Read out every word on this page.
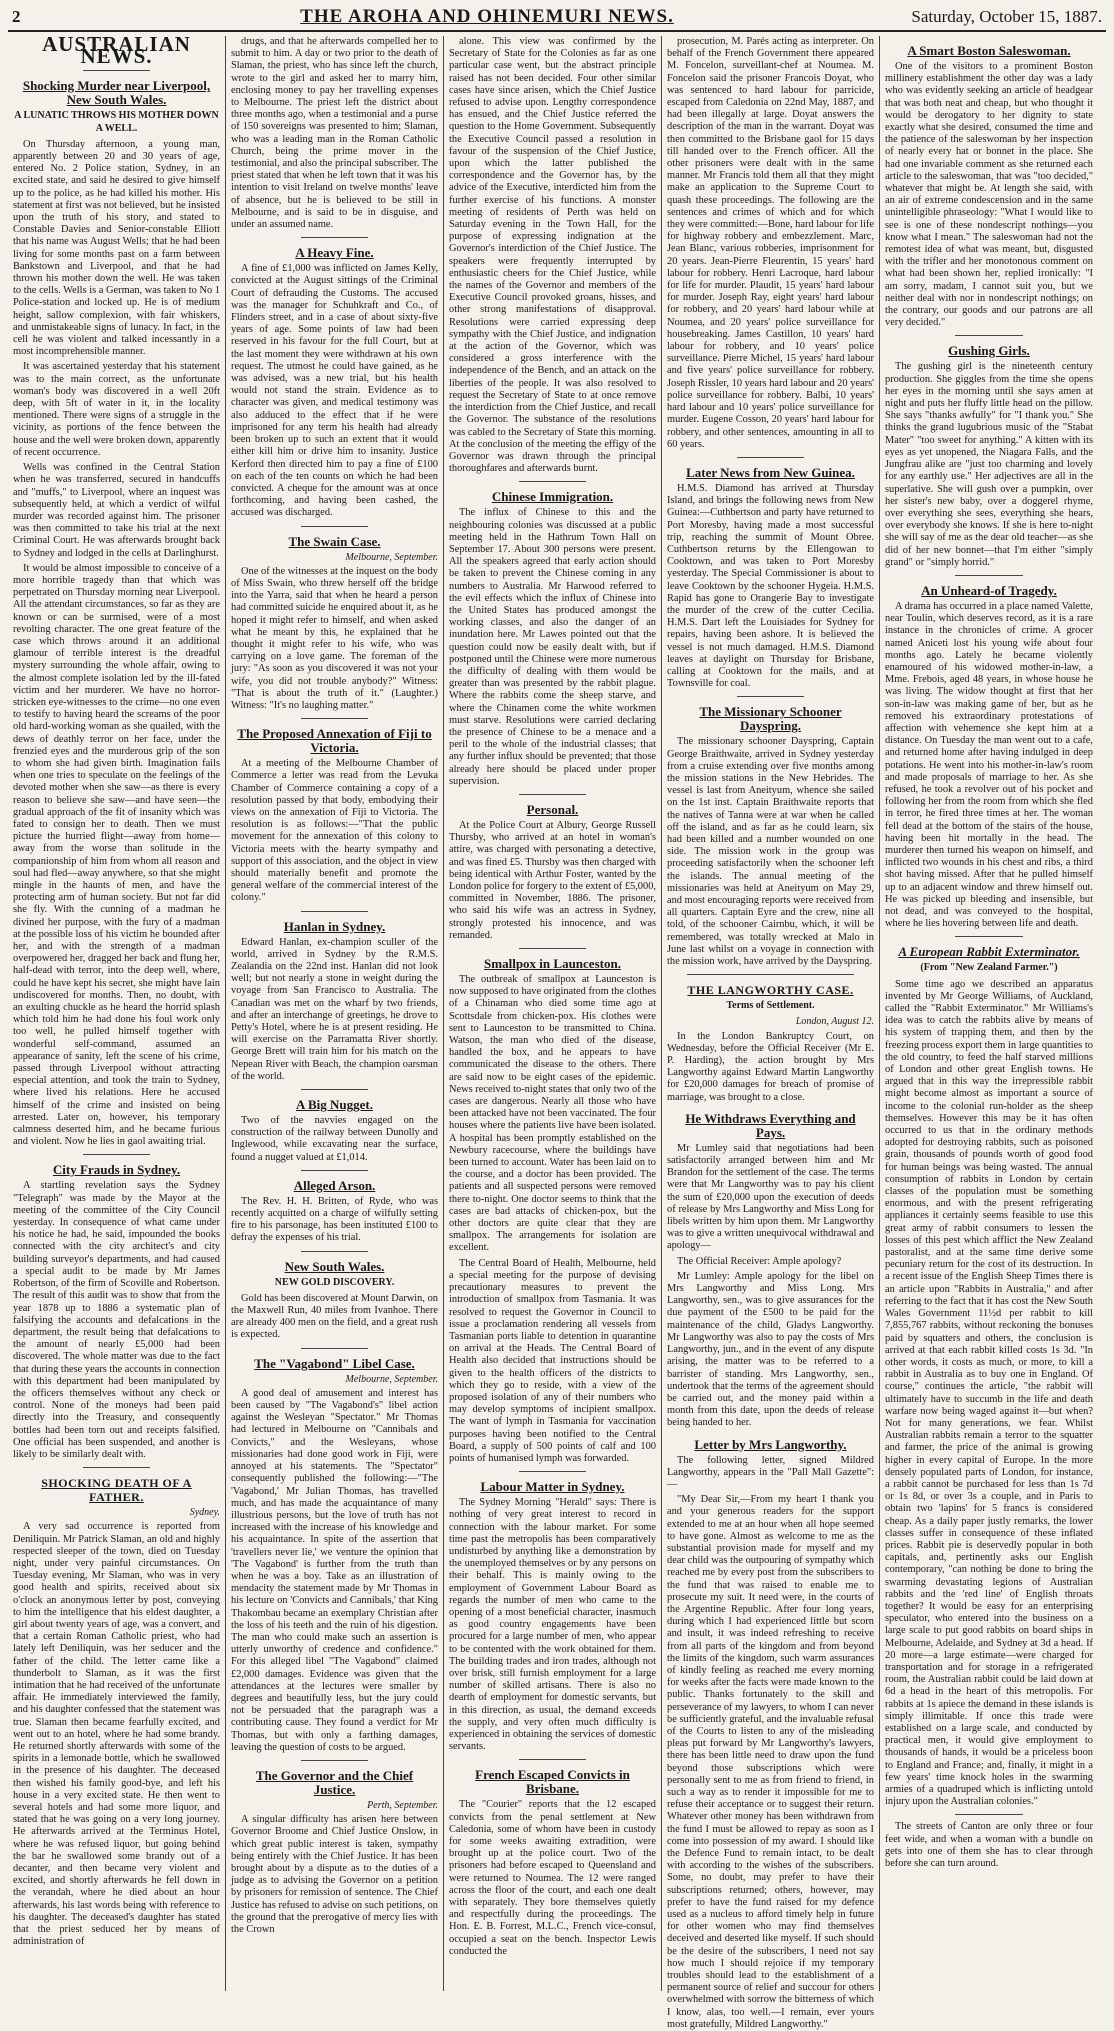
2	THE AROHA AND OHINEMURI NEWS.	Saturday, October 15, 1887.
AUSTRALIAN NEWS.
Shocking Murder near Liverpool, New South Wales.
A LUNATIC THROWS HIS MOTHER DOWN A WELL.

On Thursday afternoon, a young man, apparently between 20 and 30 years of age, entered No. 2 Police station, Sydney, in an excited state, and said he desired to give himself up to the police, as he had killed his mother. His statement at first was not believed, but he insisted upon the truth of his story, and stated to Constable Davies and Senior-constable Elliott that his name was August Wells; that he had been living for some months past on a farm between Bankstown and Liverpool, and that he had thrown his mother down the well. He was taken to the cells. Wells is a German, was taken to No 1 Police-station and locked up. He is of medium height, sallow complexion, with fair whiskers, and unmistakeable signs of lunacy. In fact, in the cell he was violent and talked incessantly in a most incomprehensible manner.

It was ascertained yesterday that his statement was to the main correct, as the unfortunate woman's body was discovered in a well 20ft deep, with 5ft of water in it, in the locality mentioned. There were signs of a struggle in the vicinity, as portions of the fence between the house and the well were broken down, apparently of recent occurrence.

Wells was confined in the Central Station when he was transferred, secured in handcuffs and "muffs," to Liverpool, where an inquest was subsequently held, at which a verdict of wilful murder was recorded against him. The prisoner was then committed to take his trial at the next Criminal Court. He was afterwards brought back to Sydney and lodged in the cells at Darlinghurst.

It would be almost impossible to conceive of a more horrible tragedy than that which was perpetrated on Thursday morning near Liverpool. All the attendant circumstances, so far as they are known or can be surmised, were of a most revolting character. The one great feature of the case which throws around it an additional glamour of terrible interest is the dreadful mystery surrounding the whole affair, owing to the almost complete isolation led by the ill-fated victim and her murderer. We have no horror-stricken eye-witnesses to the crime—no one even to testify to having heard the screams of the poor old hard-working woman as she quailed, with the dews of deathly terror on her face, under the frenzied eyes and the murderous grip of the son to whom she had given birth. Imagination fails when one tries to speculate on the feelings of the devoted mother when she saw—as there is every reason to believe she saw—and have seen—the gradual approach of the fit of insanity which was fated to consign her to death. Then we must picture the hurried flight—away from home—away from the worse than solitude in the companionship of him from whom all reason and soul had fled—away anywhere, so that she might mingle in the haunts of men, and have the protecting arm of human society. But not far did she fly. With the cunning of a madman he divined her purpose, with the fury of a madman at the possible loss of his victim he bounded after her, and with the strength of a madman overpowered her, dragged her back and flung her, half-dead with terror, into the deep well, where, could he have kept his secret, she might have lain undiscovered for months. Then, no doubt, with an exulting chuckle as he heard the horrid splash which told him he had done his foul work only too well, he pulled himself together with wonderful self-command, assumed an appearance of sanity, left the scene of his crime, passed through Liverpool without attracting especial attention, and took the train to Sydney, where lived his relations. Here he accused himself of the crime and insisted on being arrested. Later on, however, his temporary calmness deserted him, and he became furious and violent. Now he lies in gaol awaiting trial.

City Frauds in Sydney.

A startling revelation says the Sydney "Telegraph" was made by the Mayor at the meeting of the committee of the City Council yesterday. In consequence of what came under his notice he had, he said, impounded the books connected with the city architect's and city building surveyor's departments, and had caused a special audit to be made by Mr James Robertson, of the firm of Scoville and Robertson. The result of this audit was to show that from the year 1878 up to 1886 a systematic plan of falsifying the accounts and defalcations in the department, the result being that defalcations to the amount of nearly £5,000 had been discovered. The whole matter was due to the fact that during these years the accounts in connection with this department had been manipulated by the officers themselves without any check or control. None of the moneys had been paid directly into the Treasury, and consequently bottles had been torn out and receipts falsified. One official has been suspended, and another is likely to be similarly dealt with.

SHOCKING DEATH OF A FATHER.
Sydney.

A very sad occurrence is reported from Deniliquin. Mr Patrick Slaman, an old and highly respected sleeper of the town, died on Tuesday night, under very painful circumstances. On Tuesday evening, Mr Slaman, who was in very good health and spirits, received about six o'clock an anonymous letter by post, conveying to him the intelligence that his eldest daughter, a girl about twenty years of age, was a convert, and that a certain Roman Catholic priest, who had lately left Deniliquin, was her seducer and the father of the child. The letter came like a thunderbolt to Slaman, as it was the first intimation that he had received of the unfortunate affair. He immediately interviewed the family, and his daughter confessed that the statement was true. Slaman then became fearfully excited, and went out to an hotel, where he had some brandy. He returned shortly afterwards with some of the spirits in a lemonade bottle, which he swallowed in the presence of his daughter. The deceased then wished his family good-bye, and left his house in a very excited state. He then went to several hotels and had some more liquor, and stated that he was going on a very long journey. He afterwards arrived at the Terminus Hotel, where he was refused liquor, but going behind the bar he swallowed some brandy out of a decanter, and then became very violent and excited, and shortly afterwards he fell down in the verandah, where he died about an hour afterwards, his last words being with reference to his daughter. The deceased's daughter has stated that the priest seduced her by means of administration of

drugs, and that he afterwards compelled her to submit to him. A day or two prior to the death of Slaman, the priest, who has since left the church, wrote to the girl and asked her to marry him, enclosing money to pay her travelling expenses to Melbourne. The priest left the district about three months ago, when a testimonial and a purse of 150 sovereigns was presented to him; Slaman, who was a leading man in the Roman Catholic Church, being the prime mover in the testimonial, and also the principal subscriber. The priest stated that when he left town that it was his intention to visit Ireland on twelve months' leave of absence, but he is believed to be still in Melbourne, and is said to be in disguise, and under an assumed name.

A Heavy Fine.

A fine of £1,000 was inflicted on James Kelly, convicted at the August sittings of the Criminal Court of defrauding the Customs. The accused was the manager for Schuhkraft and Co., of Flinders street, and in a case of about sixty-five years of age. Some points of law had been reserved in his favour for the full Court, but at the last moment they were withdrawn at his own request. The utmost he could have gained, as he was advised, was a new trial, but his health would not stand the strain. Evidence as to character was given, and medical testimony was also adduced to the effect that if he were imprisoned for any term his health had already been broken up to such an extent that it would either kill him or drive him to insanity. Justice Kerford then directed him to pay a fine of £100 on each of the ten counts on which he had been convicted. A cheque for the amount was at once forthcoming, and having been cashed, the accused was discharged.

The Swain Case.
Melbourne, September.

One of the witnesses at the inquest on the body of Miss Swain, who threw herself off the bridge into the Yarra, said that when he heard a person had committed suicide he enquired about it, as he hoped it might refer to himself, and when asked what he meant by this, he explained that he thought it might refer to his wife, who was carrying on a love game. The foreman of the jury: "As soon as you discovered it was not your wife, you did not trouble anybody?" Witness: "That is about the truth of it." (Laughter.) Witness: "It's no laughing matter."

The Proposed Annexation of Fiji to Victoria.

At a meeting of the Melbourne Chamber of Commerce a letter was read from the Levuka Chamber of Commerce containing a copy of a resolution passed by that body, embodying their views on the annexation of Fiji to Victoria. The resolution is as follows:—"That the public movement for the annexation of this colony to Victoria meets with the hearty sympathy and support of this association, and the object in view should materially benefit and promote the general welfare of the commercial interest of the colony."

Hanlan in Sydney.

Edward Hanlan, ex-champion sculler of the world, arrived in Sydney by the R.M.S. Zealandia on the 22nd inst. Hanlan did not look well; but not nearly a stone in weight during the voyage from San Francisco to Australia. The Canadian was met on the wharf by two friends, and after an interchange of greetings, he drove to Petty's Hotel, where he is at present residing. He will exercise on the Parramatta River shortly. George Brett will train him for his match on the Nepean River with Beach, the champion oarsman of the world.

A Big Nugget.

Two of the navvies engaged on the construction of the railway between Dunolly and Inglewood, while excavating near the surface, found a nugget valued at £1,014.

Alleged Arson.

The Rev. H. H. Britten, of Ryde, who was recently acquitted on a charge of wilfully setting fire to his parsonage, has been instituted £100 to defray the expenses of his trial.

New South Wales.
NEW GOLD DISCOVERY.

Gold has been discovered at Mount Darwin, on the Maxwell Run, 40 miles from Ivanhoe. There are already 400 men on the field, and a great rush is expected.

The "Vagabond" Libel Case.
Melbourne, September.

A good deal of amusement and interest has been caused by "The Vagabond's" libel action against the Wesleyan "Spectator." Mr Thomas had lectured in Melbourne on "Cannibals and Convicts," and the Wesleyans, whose missionaries had done good work in Fiji, were annoyed at his statements. The "Spectator" consequently published the following:—"The 'Vagabond,' Mr Julian Thomas, has travelled much, and has made the acquaintance of many illustrious persons, but the love of truth has not increased with the increase of his knowledge and his acquaintance. In spite of the assertion that 'travellers never lie,' we venture the opinion that 'The Vagabond' is further from the truth than when he was a boy. Take as an illustration of mendacity the statement made by Mr Thomas in his lecture on 'Convicts and Cannibals,' that King Thakombau became an exemplary Christian after the loss of his teeth and the ruin of his digestion. The man who could make such an assertion is utterly unworthy of credence and confidence." For this alleged libel "The Vagabond" claimed £2,000 damages. Evidence was given that the attendances at the lectures were smaller by degrees and beautifully less, but the jury could not be persuaded that the paragraph was a contributing cause. They found a verdict for Mr Thomas, but with only a farthing damages, leaving the question of costs to be argued.

The Governor and the Chief Justice.
Perth, September.

A singular difficulty has arisen here between Governor Broome and Chief Justice Onslow, in which great public interest is taken, sympathy being entirely with the Chief Justice. It has been brought about by a dispute as to the duties of a judge as to advising the Governor on a petition by prisoners for remission of sentence. The Chief Justice has refused to advise on such petitions, on the ground that the prerogative of mercy lies with the Crown

alone. This view was confirmed by the Secretary of State for the Colonies as far as one particular case went, but the abstract principle raised has not been decided. Four other similar cases have since arisen, which the Chief Justice refused to advise upon. Lengthy correspondence has ensued, and the Chief Justice referred the question to the Home Government. Subsequently the Executive Council passed a resolution in favour of the suspension of the Chief Justice, upon which the latter published the correspondence and the Governor has, by the advice of the Executive, interdicted him from the further exercise of his functions. A monster meeting of residents of Perth was held on Saturday evening in the Town Hall, for the purpose of expressing indignation at the Governor's interdiction of the Chief Justice. The speakers were frequently interrupted by enthusiastic cheers for the Chief Justice, while the names of the Governor and members of the Executive Council provoked groans, hisses, and other strong manifestations of disapproval. Resolutions were carried expressing deep sympathy with the Chief Justice, and indignation at the action of the Governor, which was considered a gross interference with the independence of the Bench, and an attack on the liberties of the people. It was also resolved to request the Secretary of State to at once remove the interdiction from the Chief Justice, and recall the Governor. The substance of the resolutions was cabled to the Secretary of State this morning. At the conclusion of the meeting the effigy of the Governor was drawn through the principal thoroughfares and afterwards burnt.

Chinese Immigration.

The influx of Chinese to this and the neighbouring colonies was discussed at a public meeting held in the Hathrum Town Hall on September 17. About 300 persons were present. All the speakers agreed that early action should be taken to prevent the Chinese coming in any numbers to Australia. Mr Harwood referred to the evil effects which the influx of Chinese into the United States has produced amongst the working classes, and also the danger of an inundation here. Mr Lawes pointed out that the question could now be easily dealt with, but if postponed until the Chinese were more numerous the difficulty of dealing with them would be greater than was presented by the rabbit plague. Where the rabbits come the sheep starve, and where the Chinamen come the white workmen must starve. Resolutions were carried declaring the presence of Chinese to be a menace and a peril to the whole of the industrial classes; that any further influx should be prevented; that those already here should be placed under proper supervision.

Personal.

At the Police Court at Albury, George Russell Thursby, who arrived at an hotel in woman's attire, was charged with personating a detective, and was fined £5. Thursby was then charged with being identical with Arthur Foster, wanted by the London police for forgery to the extent of £5,000, committed in November, 1886. The prisoner, who said his wife was an actress in Sydney, strongly protested his innocence, and was remanded.

Smallpox in Launceston.

The outbreak of smallpox at Launceston is now supposed to have originated from the clothes of a Chinaman who died some time ago at Scottsdale from chicken-pox. His clothes were sent to Launceston to be transmitted to China. Watson, the man who died of the disease, handled the box, and he appears to have communicated the disease to the others. There are said now to be eight cases of the epidemic. News received to-night states that only two of the cases are dangerous. Nearly all those who have been attacked have not been vaccinated. The four houses where the patients live have been isolated. A hospital has been promptly established on the Newbury racecourse, where the buildings have been turned to account. Water has been laid on to the course, and a doctor has been provided. The patients and all suspected persons were removed there to-night. One doctor seems to think that the cases are bad attacks of chicken-pox, but the other doctors are quite clear that they are smallpox. The arrangements for isolation are excellent.

The Central Board of Health, Melbourne, held a special meeting for the purpose of devising precautionary measures to prevent the introduction of smallpox from Tasmania. It was resolved to request the Governor in Council to issue a proclamation rendering all vessels from Tasmanian ports liable to detention in quarantine on arrival at the Heads. The Central Board of Health also decided that instructions should be given to the health officers of the districts to which they go to reside, with a view of the proposed isolation of any of their numbers who may develop symptoms of incipient smallpox. The want of lymph in Tasmania for vaccination purposes having been notified to the Central Board, a supply of 500 points of calf and 100 points of humanised lymph was forwarded.

Labour Matter in Sydney.

The Sydney Morning "Herald" says: There is nothing of very great interest to record in connection with the labour market. For some time past the metropolis has been comparatively undisturbed by anything like a demonstration by the unemployed themselves or by any persons on their behalf. This is mainly owing to the employment of Government Labour Board as regards the number of men who came to the opening of a most beneficial character, inasmuch as good country engagements have been procured for a large number of men, who appear to be contented with the work obtained for them. The building trades and iron trades, although not over brisk, still furnish employment for a large number of skilled artisans. There is also no dearth of employment for domestic servants, but in this direction, as usual, the demand exceeds the supply, and very often much difficulty is experienced in obtaining the services of domestic servants.

French Escaped Convicts in Brisbane.

The "Courier" reports that the 12 escaped convicts from the penal settlement at New Caledonia, some of whom have been in custody for some weeks awaiting extradition, were brought up at the police court. Two of the prisoners had before escaped to Queensland and were returned to Noumea. The 12 were ranged across the floor of the court, and each one dealt with separately. They bore themselves quietly and respectfully during the proceedings. The Hon. E. B. Forrest, M.L.C., French vice-consul, occupied a seat on the bench. Inspector Lewis conducted the

prosecution, M. Parés acting as interpreter. On behalf of the French Government there appeared M. Foncelon, surveillant-chef at Noumea. M. Foncelon said the prisoner Francois Doyat, who was sentenced to hard labour for parricide, escaped from Caledonia on 22nd May, 1887, and had been illegally at large. Doyat answers the description of the man in the warrant. Doyat was then committed to the Brisbane gaol for 15 days till handed over to the French officer. All the other prisoners were dealt with in the same manner. Mr Francis told them all that they might make an application to the Supreme Court to quash these proceedings. The following are the sentences and crimes of which and for which they were committed:—Bone, hard labour for life for highway robbery and embezzlement. Marc, Jean Blanc, various robberies, imprisonment for 20 years. Jean-Pierre Fleurentin, 15 years' hard labour for robbery. Henri Lacroque, hard labour for life for murder. Plaudit, 15 years' hard labour for murder. Joseph Ray, eight years' hard labour for robbery, and 20 years' hard labour while at Noumea, and 20 years' police surveillance for housebreaking. James Castillon, 10 years' hard labour for robbery, and 10 years' police surveillance. Pierre Michel, 15 years' hard labour and five years' police surveillance for robbery. Joseph Rissler, 10 years hard labour and 20 years' police surveillance for robbery. Balbi, 10 years' hard labour and 10 years' police surveillance for murder. Eugene Cosson, 20 years' hard labour for robbery, and other sentences, amounting in all to 60 years.

Later News from New Guinea.

H.M.S. Diamond has arrived at Thursday Island, and brings the following news from New Guinea:—Cuthbertson and party have returned to Port Moresby, having made a most successful trip, reaching the summit of Mount Obree. Cuthbertson returns by the Ellengowan to Cooktown, and was taken to Port Moresby yesterday. The Special Commissioner is about to leave Cooktown by the schooner Hygeia. H.M.S. Rapid has gone to Orangerie Bay to investigate the murder of the crew of the cutter Cecilia. H.M.S. Dart left the Louisiades for Sydney for repairs, having been ashore. It is believed the vessel is not much damaged. H.M.S. Diamond leaves at daylight on Thursday for Brisbane, calling at Cooktown for the mails, and at Townsville for coal.

The Missionary Schooner Dayspring.

The missionary schooner Dayspring, Captain George Braithwaite, arrived in Sydney yesterday from a cruise extending over five months among the mission stations in the New Hebrides. The vessel is last from Aneityum, whence she sailed on the 1st inst. Captain Braithwaite reports that the natives of Tanna were at war when he called off the island, and as far as he could learn, six had been killed and a number wounded on one side. The mission work in the group was proceeding satisfactorily when the schooner left the islands. The annual meeting of the missionaries was held at Aneityum on May 29, and most encouraging reports were received from all quarters. Captain Eyre and the crew, nine all told, of the schooner Cairnbu, which, it will be remembered, was totally wrecked at Malo in June last whilst on a voyage in connection with the mission work, have arrived by the Dayspring.

THE LANGWORTHY CASE.
Terms of Settlement.
London, August 12.

In the London Bankruptcy Court, on Wednesday, before the Official Receiver (Mr E. P. Harding), the action brought by Mrs Langworthy against Edward Martin Langworthy for £20,000 damages for breach of promise of marriage, was brought to a close.

He Withdraws Everything and Pays.

Mr Lumley said that negotiations had been satisfactorily arranged between him and Mr Brandon for the settlement of the case. The terms were that Mr Langworthy was to pay his client the sum of £20,000 upon the execution of deeds of release by Mrs Langworthy and Miss Long for libels written by him upon them. Mr Langworthy was to give a written unequivocal withdrawal and apology—

The Official Receiver: Ample apology?

Mr Lumley: Ample apology for the libel on Mrs Langworthy and Miss Long. Mrs Langworthy, sen., was to give assurances for the due payment of the £500 to be paid for the maintenance of the child, Gladys Langworthy. Mr Langworthy was also to pay the costs of Mrs Langworthy, jun., and in the event of any dispute arising, the matter was to be referred to a barrister of standing. Mrs Langworthy, sen., undertook that the terms of the agreement should be carried out, and the money paid within a month from this date, upon the deeds of release being handed to her.

Letter by Mrs Langworthy.

The following letter, signed Mildred Langworthy, appears in the "Pall Mall Gazette":—

"My Dear Sir,—From my heart I thank you and your generous readers for the support extended to me at an hour when all hope seemed to have gone. Almost as welcome to me as the substantial provision made for myself and my dear child was the outpouring of sympathy which reached me by every post from the subscribers to the fund that was raised to enable me to prosecute my suit. It need were, in the courts of the Argentine Republic. After four long years, during which I had experienced little but scorn and insult, it was indeed refreshing to receive from all parts of the kingdom and from beyond the limits of the kingdom, such warm assurances of kindly feeling as reached me every morning for weeks after the facts were made known to the public. Thanks fortunately to the skill and perseverance of my lawyers, to whom I can never be sufficiently grateful, and the invaluable refusal of the Courts to listen to any of the misleading pleas put forward by Mr Langworthy's lawyers, there has been little need to draw upon the fund beyond those subscriptions which were personally sent to me as from friend to friend, in such a way as to render it impossible for me to refuse their acceptance or to suggest their return. Whatever other money has been withdrawn from the fund I must be allowed to repay as soon as I come into possession of my award. I should like the Defence Fund to remain intact, to be dealt with according to the wishes of the subscribers. Some, no doubt, may prefer to have their subscriptions returned; others, however, may prefer to have the fund raised for my defence used as a nucleus to afford timely help in future for other women who may find themselves deceived and deserted like myself. If such should be the desire of the subscribers, I need not say how much I should rejoice if my temporary troubles should lead to the establishment of a permanent source of relief and succour for others overwhelmed with sorrow the bitterness of which I know, alas, too well.—I remain, ever yours most gratefully, Mildred Langworthy."

A Smart Boston Saleswoman.

One of the visitors to a prominent Boston millinery establishment the other day was a lady who was evidently seeking an article of headgear that was both neat and cheap, but who thought it would be derogatory to her dignity to state exactly what she desired, consumed the time and the patience of the saleswoman by her inspection of nearly every hat or bonnet in the place. She had one invariable comment as she returned each article to the saleswoman, that was "too decided," whatever that might be. At length she said, with an air of extreme condescension and in the same unintelligible phraseology: "What I would like to see is one of these nondescript nothings—you know what I mean." The saleswoman had not the remotest idea of what was meant, but, disgusted with the trifler and her monotonous comment on what had been shown her, replied ironically: "I am sorry, madam, I cannot suit you, but we neither deal with nor in nondescript nothings; on the contrary, our goods and our patrons are all very decided."

Gushing Girls.

The gushing girl is the nineteenth century production. She giggles from the time she opens her eyes in the morning until she says amen at night and puts her fluffy little head on the pillow. She says "thanks awfully" for "I thank you." She thinks the grand lugubrious music of the "Stabat Mater" "too sweet for anything." A kitten with its eyes as yet unopened, the Niagara Falls, and the Jungfrau alike are "just too charming and lovely for any earthly use." Her adjectives are all in the superlative. She will gush over a pumpkin, over her sister's new baby, over a doggerel rhyme, over everything she sees, everything she hears, over everybody she knows. If she is here to-night she will say of me as the dear old teacher—as she did of her new bonnet—that I'm either "simply grand" or "simply horrid."

An Unheard-of Tragedy.

A drama has occurred in a place named Valette, near Toulin, which deserves record, as it is a rare instance in the chronicles of crime. A grocer named Aniceti lost his young wife about four months ago. Lately he became violently enamoured of his widowed mother-in-law, a Mme. Frebois, aged 48 years, in whose house he was living. The widow thought at first that her son-in-law was making game of her, but as he removed his extraordinary protestations of affection with vehemence she kept him at a distance. On Tuesday the man went out to a cafe, and returned home after having indulged in deep potations. He went into his mother-in-law's room and made proposals of marriage to her. As she refused, he took a revolver out of his pocket and following her from the room from which she fled in terror, he fired three times at her. The woman fell dead at the bottom of the stairs of the house, having been hit mortally in the head. The murderer then turned his weapon on himself, and inflicted two wounds in his chest and ribs, a third shot having missed. After that he pulled himself up to an adjacent window and threw himself out. He was picked up bleeding and insensible, but not dead, and was conveyed to the hospital, where he lies hovering between life and death.

A European Rabbit Exterminator.
(From "New Zealand Farmer.")

Some time ago we described an apparatus invented by Mr George Williams, of Auckland, called the "Rabbit Exterminator." Mr Williams's idea was to catch the rabbits alive by means of his system of trapping them, and then by the freezing process export them in large quantities to the old country, to feed the half starved millions of London and other great English towns. He argued that in this way the irrepressible rabbit might become almost as important a source of income to the colonial run-holder as the sheep themselves. However this may be it has often occurred to us that in the ordinary methods adopted for destroying rabbits, such as poisoned grain, thousands of pounds worth of good food for human beings was being wasted. The annual consumption of rabbits in London by certain classes of the population must be something enormous, and with the present refrigerating appliances it certainly seems feasible to use this great army of rabbit consumers to lessen the losses of this pest which afflict the New Zealand pastoralist, and at the same time derive some pecuniary return for the cost of its destruction. In a recent issue of the English Sheep Times there is an article upon "Rabbits in Australia," and after referring to the fact that it has cost the New South Wales Government 11½d per rabbit to kill 7,855,767 rabbits, without reckoning the bonuses paid by squatters and others, the conclusion is arrived at that each rabbit killed costs 1s 3d. "In other words, it costs as much, or more, to kill a rabbit in Australia as to buy one in England. Of course," continues the article, "the rabbit will ultimately have to succumb in the life and death warfare now being waged against it—but when? Not for many generations, we fear. Whilst Australian rabbits remain a terror to the squatter and farmer, the price of the animal is growing higher in every capital of Europe. In the more densely populated parts of London, for instance, a rabbit cannot be purchased for less than 1s 7d or 1s 8d, or over 3s a couple, and in Paris to obtain two 'lapins' for 5 francs is considered cheap. As a daily paper justly remarks, the lower classes suffer in consequence of these inflated prices. Rabbit pie is deservedly popular in both capitals, and, pertinently asks our English contemporary, "can nothing be done to bring the swarming devastating legions of Australian rabbits and the 'red line' of English throats together? It would be easy for an enterprising speculator, who entered into the business on a large scale to put good rabbits on board ships in Melbourne, Adelaide, and Sydney at 3d a head. If 20 more—a large estimate—were charged for transportation and for storage in a refrigerated room, the Australian rabbit could be laid down at 6d a head in the heart of this metropolis. For rabbits at 1s apiece the demand in these islands is simply illimitable. If once this trade were established on a large scale, and conducted by practical men, it would give employment to thousands of hands, it would be a priceless boon to England and France; and, finally, it might in a few years' time knock holes in the swarming armies of a quadruped which is inflicting untold injury upon the Australian colonies."

The streets of Canton are only three or four feet wide, and when a woman with a bundle on gets into one of them she has to clear through before she can turn around.
